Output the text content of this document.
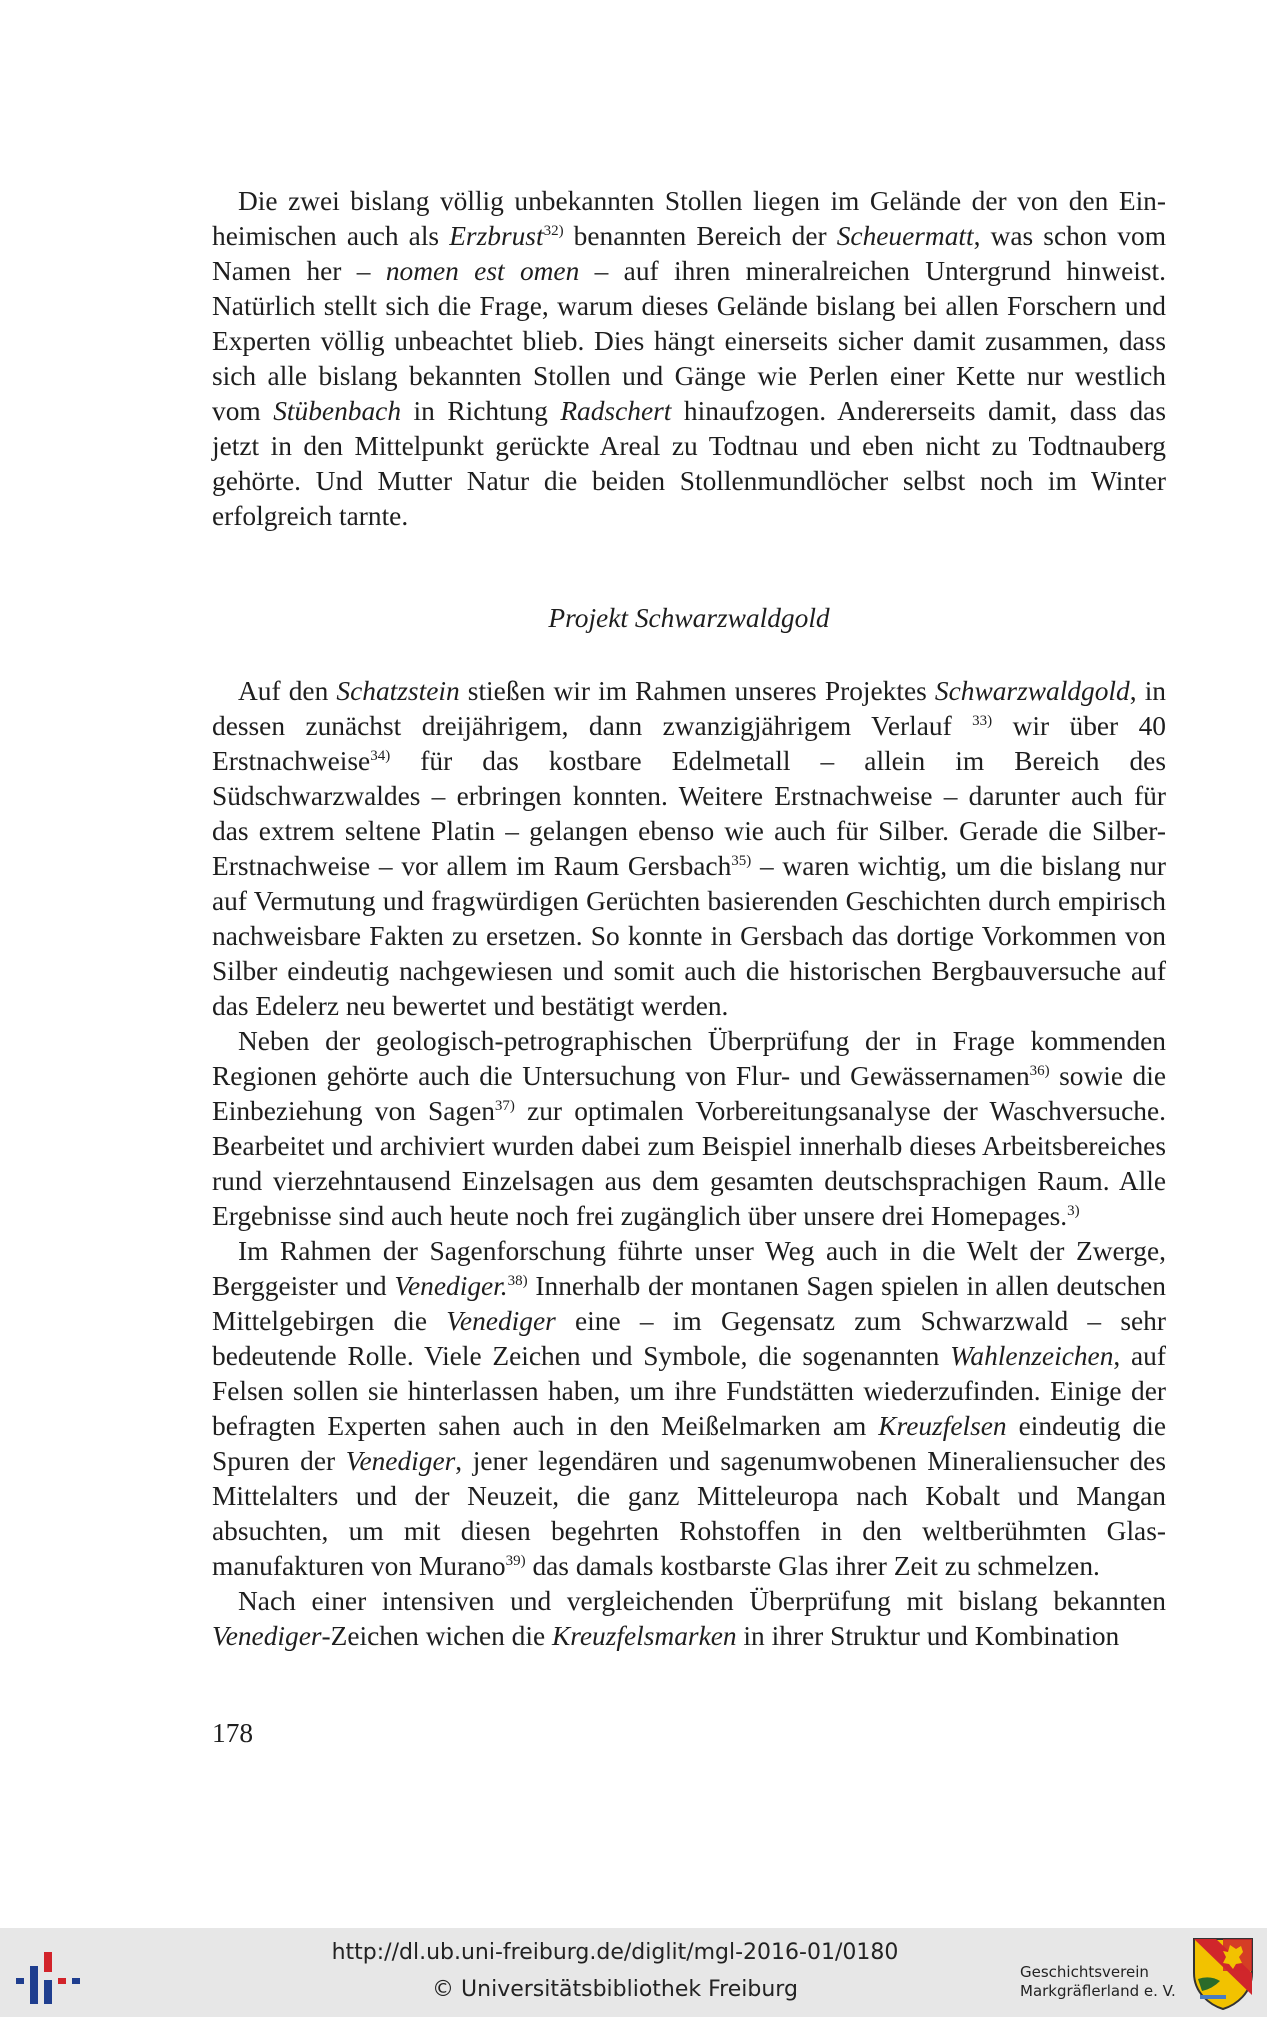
Die zwei bislang völlig unbekannten Stollen liegen im Gelände der von den Einheimischen auch als Erzbrust$^{32)}$ benannten Bereich der Scheuermatt, was schon vom Namen her – nomen est omen – auf ihren mineralreichen Untergrund hinweist. Natürlich stellt sich die Frage, warum dieses Gelände bislang bei allen Forschern und Experten völlig unbeachtet blieb. Dies hängt einerseits sicher damit zusammen, dass sich alle bislang bekannten Stollen und Gänge wie Perlen einer Kette nur westlich vom Stübenbach in Richtung Radschert hinaufzogen. Andererseits damit, dass das jetzt in den Mittelpunkt gerückte Areal zu Todtnau und eben nicht zu Todtnauberg gehörte. Und Mutter Natur die beiden Stollenmundlöcher selbst noch im Winter erfolgreich tarnte.

Projekt Schwarzwaldgold

Auf den Schatzstein stießen wir im Rahmen unseres Projektes Schwarzwaldgold, in dessen zunächst dreijährigem, dann zwanzigjährigem Verlauf $^{33)}$ wir über 40 Erstnachweise$^{34)}$ für das kostbare Edelmetall – allein im Bereich des Südschwarzwaldes – erbringen konnten. Weitere Erstnachweise – darunter auch für das extrem seltene Platin – gelangen ebenso wie auch für Silber. Gerade die Silber-Erstnachweise – vor allem im Raum Gersbach$^{35)}$ – waren wichtig, um die bislang nur auf Vermutung und fragwürdigen Gerüchten basierenden Geschichten durch empirisch nachweisbare Fakten zu ersetzen. So konnte in Gersbach das dortige Vorkommen von Silber eindeutig nachgewiesen und somit auch die historischen Bergbauversuche auf das Edelerz neu bewertet und bestätigt werden.

Neben der geologisch-petrographischen Überprüfung der in Frage kommenden Regionen gehörte auch die Untersuchung von Flur- und Gewässernamen$^{36)}$ sowie die Einbeziehung von Sagen$^{37)}$ zur optimalen Vorbereitungsanalyse der Waschversuche. Bearbeitet und archiviert wurden dabei zum Beispiel innerhalb dieses Arbeitsbereiches rund vierzehntausend Einzelsagen aus dem gesamten deutschsprachigen Raum. Alle Ergebnisse sind auch heute noch frei zugänglich über unsere drei Homepages.$^{3)}$

Im Rahmen der Sagenforschung führte unser Weg auch in die Welt der Zwerge, Berggeister und Venediger.$^{38)}$ Innerhalb der montanen Sagen spielen in allen deutschen Mittelgebirgen die Venediger eine – im Gegensatz zum Schwarzwald – sehr bedeutende Rolle. Viele Zeichen und Symbole, die sogenannten Wahlenzeichen, auf Felsen sollen sie hinterlassen haben, um ihre Fundstätten wiederzufinden. Einige der befragten Experten sahen auch in den Meißelmarken am Kreuzfelsen eindeutig die Spuren der Venediger, jener legendären und sagenumwobenen Mineraliensucher des Mittelalters und der Neuzeit, die ganz Mitteleuropa nach Kobalt und Mangan absuchten, um mit diesen begehrten Rohstoffen in den weltberühmten Glasmanufakturen von Murano$^{39)}$ das damals kostbarste Glas ihrer Zeit zu schmelzen.

Nach einer intensiven und vergleichenden Überprüfung mit bislang bekannten Venediger-Zeichen wichen die Kreuzfelsmarken in ihrer Struktur und Kombination

178
http://dl.ub.uni-freiburg.de/diglit/mgl-2016-01/0180
© Universitätsbibliothek Freiburg
Geschichtsverein
Markgräflerland e. V.
